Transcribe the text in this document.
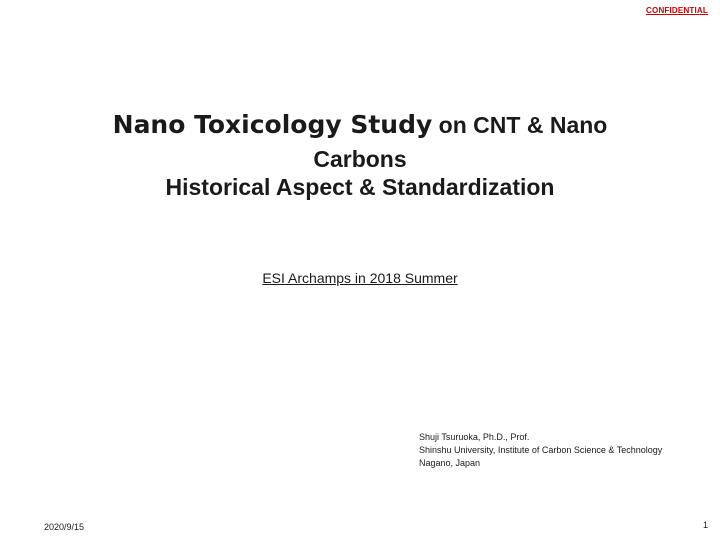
CONFIDENTIAL
Nano Toxicology Study on CNT & Nano
Carbons
Historical Aspect & Standardization
ESI Archamps in 2018 Summer
Shuji Tsuruoka, Ph.D., Prof.
Shinshu University, Institute of Carbon Science & Technology
Nagano, Japan
2020/9/15	1
